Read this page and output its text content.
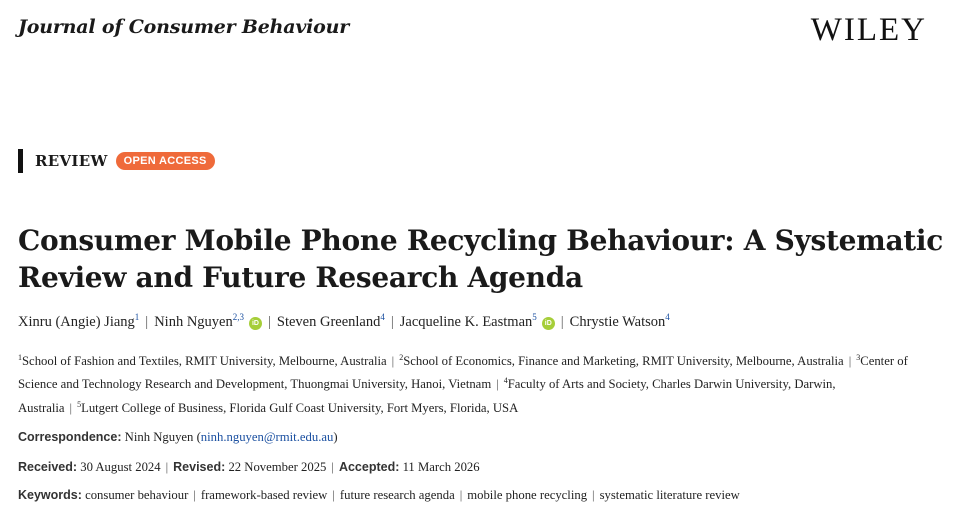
Journal of Consumer Behaviour	WILEY
REVIEW	OPEN ACCESS
Consumer Mobile Phone Recycling Behaviour: A Systematic Review and Future Research Agenda
Xinru (Angie) Jiang$^1$ | Ninh Nguyen$^{2,3}$iD | Steven Greenland$^4$ | Jacqueline K. Eastman$^5$iD | Chrystie Watson$^4$
$^1$School of Fashion and Textiles, RMIT University, Melbourne, Australia | $^2$School of Economics, Finance and Marketing, RMIT University, Melbourne, Australia | $^3$Center of Science and Technology Research and Development, Thuongmai University, Hanoi, Vietnam | $^4$Faculty of Arts and Society, Charles Darwin University, Darwin, Australia | $^5$Lutgert College of Business, Florida Gulf Coast University, Fort Myers, Florida, USA
Correspondence: Ninh Nguyen (ninh.nguyen@rmit.edu.au)
Received: 30 August 2024 | Revised: 22 November 2025 | Accepted: 11 March 2026
Keywords: consumer behaviour | framework-based review | future research agenda | mobile phone recycling | systematic literature review
